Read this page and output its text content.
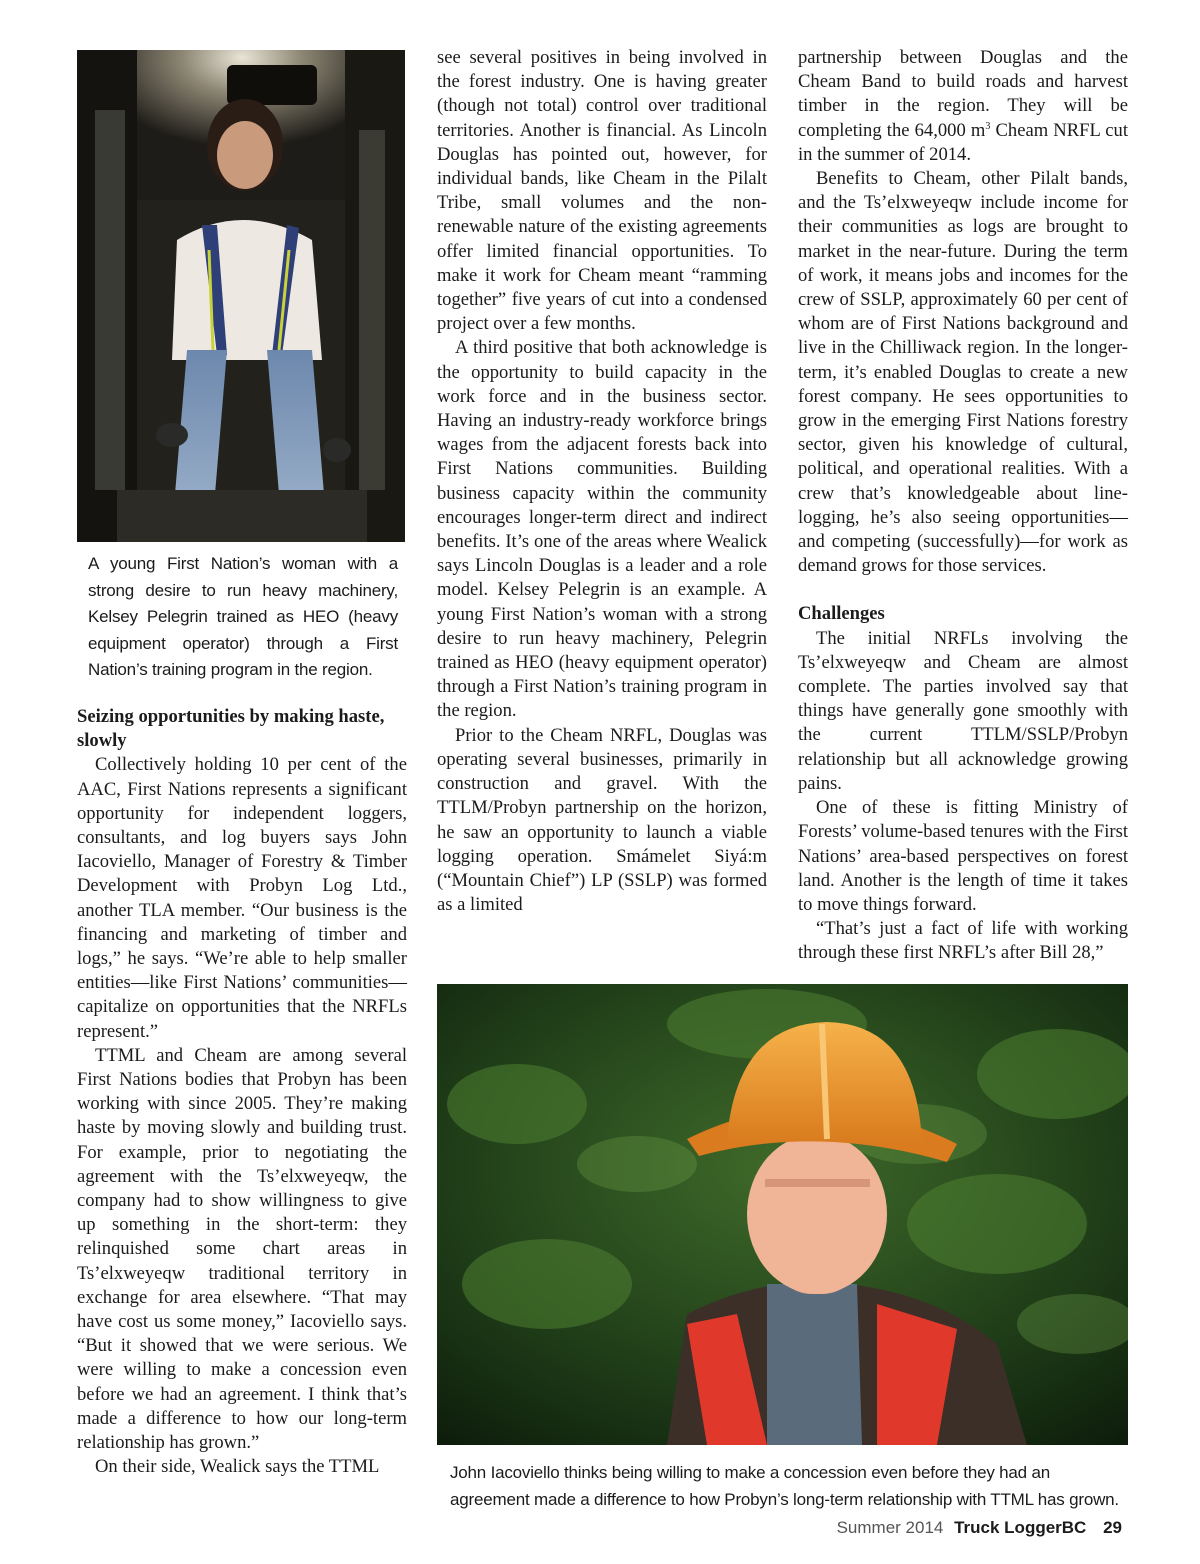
A young First Nation’s woman with a strong desire to run heavy machinery, Kelsey Pelegrin trained as HEO (heavy equipment operator) through a First Nation’s training program in the region.
Seizing opportunities by making haste, slowly

Collectively holding 10 per cent of the AAC, First Nations represents a significant opportunity for independent loggers, consultants, and log buyers says John Iacoviello, Manager of Forestry & Timber Development with Probyn Log Ltd., another TLA member. “Our business is the financing and marketing of timber and logs,” he says. “We’re able to help smaller entities—like First Nations’ communities—capitalize on opportunities that the NRFLs represent.”

TTML and Cheam are among several First Nations bodies that Probyn has been working with since 2005. They’re making haste by moving slowly and building trust. For example, prior to negotiating the agreement with the Ts’elxweyeqw, the company had to show willingness to give up something in the short-term: they relinquished some chart areas in Ts’elxweyeqw traditional territory in exchange for area elsewhere. “That may have cost us some money,” Iacoviello says. “But it showed that we were serious. We were willing to make a concession even before we had an agreement. I think that’s made a difference to how our long-term relationship has grown.”

On their side, Wealick says the TTML

see several positives in being involved in the forest industry. One is having greater (though not total) control over traditional territories. Another is financial. As Lincoln Douglas has pointed out, however, for individual bands, like Cheam in the Pilalt Tribe, small volumes and the non-renewable nature of the existing agreements offer limited financial opportunities. To make it work for Cheam meant “ramming together” five years of cut into a condensed project over a few months.

A third positive that both acknowledge is the opportunity to build capacity in the work force and in the business sector. Having an industry-ready workforce brings wages from the adjacent forests back into First Nations communities. Building business capacity within the community encourages longer-term direct and indirect benefits. It’s one of the areas where Wealick says Lincoln Douglas is a leader and a role model. Kelsey Pelegrin is an example. A young First Nation’s woman with a strong desire to run heavy machinery, Pelegrin trained as HEO (heavy equipment operator) through a First Nation’s training program in the region.

Prior to the Cheam NRFL, Douglas was operating several businesses, primarily in construction and gravel. With the TTLM/Probyn partnership on the horizon, he saw an opportunity to launch a viable logging operation. Smámelet Siyá:m (“Mountain Chief”) LP (SSLP) was formed as a limited

partnership between Douglas and the Cheam Band to build roads and harvest timber in the region. They will be completing the 64,000 $m^3$ Cheam NRFL cut in the summer of 2014.

Benefits to Cheam, other Pilalt bands, and the Ts’elxweyeqw include income for their communities as logs are brought to market in the near-future. During the term of work, it means jobs and incomes for the crew of SSLP, approximately 60 per cent of whom are of First Nations background and live in the Chilliwack region. In the longer-term, it’s enabled Douglas to create a new forest company. He sees opportunities to grow in the emerging First Nations forestry sector, given his knowledge of cultural, political, and operational realities. With a crew that’s knowledgeable about line-logging, he’s also seeing opportunities—and competing (successfully)—for work as demand grows for those services.

Challenges

The initial NRFLs involving the Ts’elxweyeqw and Cheam are almost complete. The parties involved say that things have generally gone smoothly with the current TTLM/SSLP/Probyn relationship but all acknowledge growing pains.

One of these is fitting Ministry of Forests’ volume-based tenures with the First Nations’ area-based perspectives on forest land. Another is the length of time it takes to move things forward.

“That’s just a fact of life with working through these first NRFL’s after Bill 28,”

John Iacoviello thinks being willing to make a concession even before they had an agreement made a difference to how Probyn’s long-term relationship with TTML has grown.
Summer 2014 Truck LoggerBC 29
